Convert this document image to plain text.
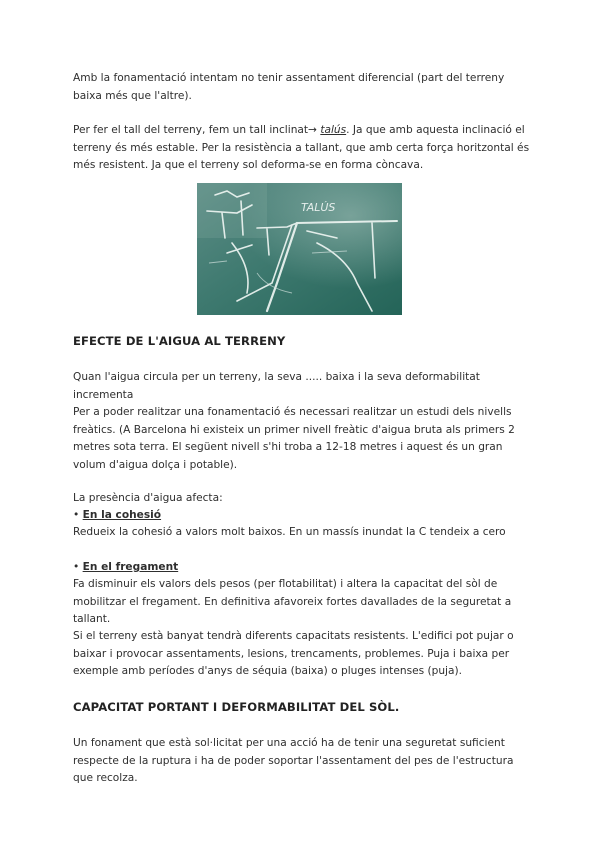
Amb la fonamentació intentam no tenir assentament diferencial (part del terreny baixa més que l'altre).

Per fer el tall del terreny, fem un tall inclinat→ talús. Ja que amb aquesta inclinació el terreny és més estable. Per la resistència a tallant, que amb certa força horitzontal és més resistent. Ja que el terreny sol deforma-se en forma còncava.

TALÚS
EFECTE DE L'AIGUA AL TERRENY

Quan l'aigua circula per un terreny, la seva ..... baixa i la seva deformabilitat incrementa

Per a poder realitzar una fonamentació és necessari realitzar un estudi dels nivells freàtics. (A Barcelona hi existeix un primer nivell freàtic d'aigua bruta als primers 2 metres sota terra. El següent nivell s'hi troba a 12-18 metres i aquest és un gran volum d'aigua dolça i potable).

La presència d'aigua afecta:

• En la cohesió

Redueix la cohesió a valors molt baixos. En un massís inundat la C tendeix a cero

• En el fregament

Fa disminuir els valors dels pesos (per flotabilitat) i altera la capacitat del sòl de mobilitzar el fregament. En definitiva afavoreix fortes davallades de la seguretat a tallant.

Si el terreny està banyat tendrà diferents capacitats resistents. L'edifici pot pujar o baixar i provocar assentaments, lesions, trencaments, problemes. Puja i baixa per exemple amb períodes d'anys de séquia (baixa) o pluges intenses (puja).

CAPACITAT PORTANT I DEFORMABILITAT DEL SÒL.

Un fonament que està sol·licitat per una acció ha de tenir una seguretat suficient respecte de la ruptura i ha de poder soportar l'assentament del pes de l'estructura que recolza.
